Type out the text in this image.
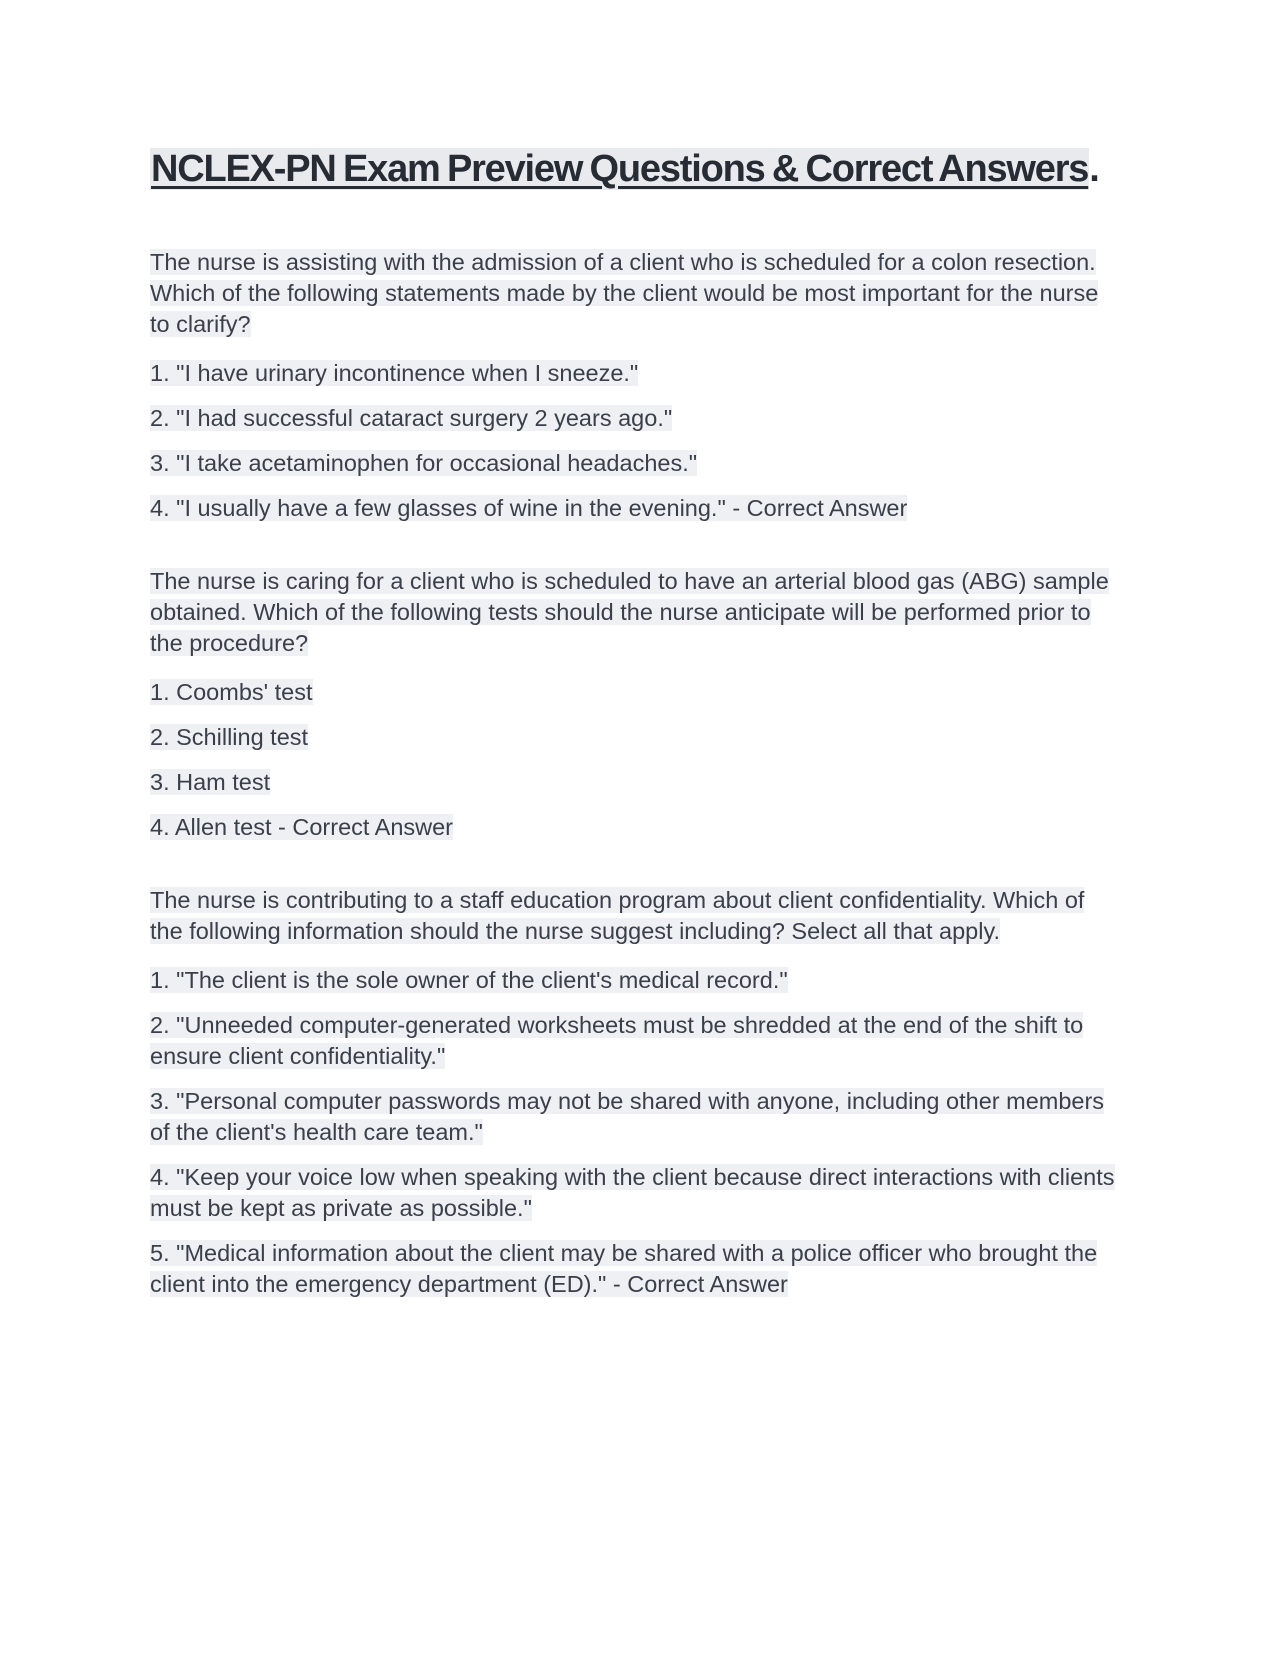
NCLEX-PN Exam Preview Questions & Correct Answers.

The nurse is assisting with the admission of a client who is scheduled for a colon resection. Which of the following statements made by the client would be most important for the nurse to clarify?

1. "I have urinary incontinence when I sneeze."

2. "I had successful cataract surgery 2 years ago."

3. "I take acetaminophen for occasional headaches."

4. "I usually have a few glasses of wine in the evening." - Correct Answer

The nurse is caring for a client who is scheduled to have an arterial blood gas (ABG) sample obtained. Which of the following tests should the nurse anticipate will be performed prior to the procedure?

1. Coombs' test

2. Schilling test

3. Ham test

4. Allen test - Correct Answer

The nurse is contributing to a staff education program about client confidentiality. Which of the following information should the nurse suggest including? Select all that apply.

1. "The client is the sole owner of the client's medical record."

2. "Unneeded computer-generated worksheets must be shredded at the end of the shift to ensure client confidentiality."

3. "Personal computer passwords may not be shared with anyone, including other members of the client's health care team."

4. "Keep your voice low when speaking with the client because direct interactions with clients must be kept as private as possible."

5. "Medical information about the client may be shared with a police officer who brought the client into the emergency department (ED)." - Correct Answer
